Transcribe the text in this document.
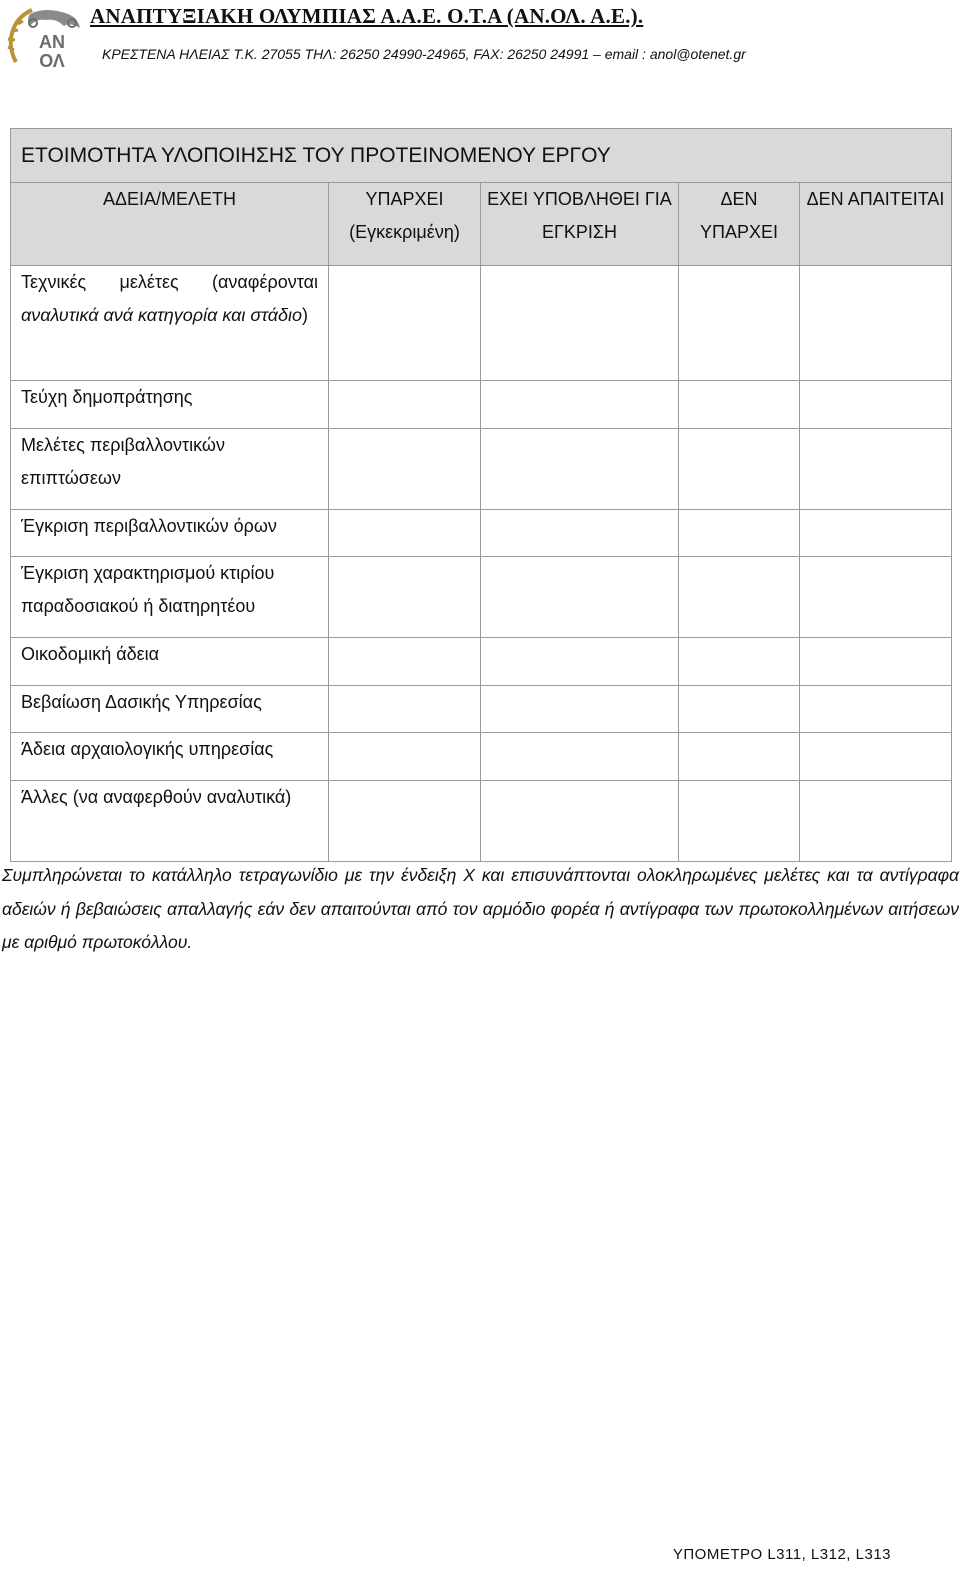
ΑΝ
ΟΛ
ΑΝΑΠΤΥΞΙΑΚΗ ΟΛΥΜΠΙΑΣ Α.Α.Ε. Ο.Τ.Α (ΑΝ.ΟΛ. Α.Ε.).
ΚΡΕΣΤΕΝΑ ΗΛΕΙΑΣ Τ.Κ. 27055 ΤΗΛ: 26250 24990-24965, FAX: 26250 24991 – email : anol@otenet.gr
ΕΤΟΙΜΟΤΗΤΑ ΥΛΟΠΟΙΗΣΗΣ ΤΟΥ ΠΡΟΤΕΙΝΟΜΕΝΟΥ ΕΡΓΟΥ				
ΑΔΕΙΑ/ΜΕΛΕΤΗ	ΥΠΑΡΧΕΙ (Εγκεκριμένη)	ΕΧΕΙ ΥΠΟΒΛΗΘΕΙ ΓΙΑ ΕΓΚΡΙΣΗ	ΔΕΝ ΥΠΑΡΧΕΙ	ΔΕΝ ΑΠΑΙΤΕΙΤΑΙ
Τεχνικές μελέτες (αναφέρονται αναλυτικά ανά κατηγορία και στάδιο)				
Τεύχη δημοπράτησης				
Μελέτες περιβαλλοντικών επιπτώσεων				
Έγκριση περιβαλλοντικών όρων				
Έγκριση χαρακτηρισμού κτιρίου παραδοσιακού ή διατηρητέου				
Οικοδομική άδεια				
Βεβαίωση Δασικής Υπηρεσίας				
Άδεια αρχαιολογικής υπηρεσίας				
Άλλες (να αναφερθούν αναλυτικά)				
Συμπληρώνεται το κατάλληλο τετραγωνίδιο με την ένδειξη Χ και επισυνάπτονται ολοκληρωμένες μελέτες και τα αντίγραφα αδειών ή βεβαιώσεις απαλλαγής εάν δεν απαιτούνται από τον αρμόδιο φορέα ή αντίγραφα των πρωτοκολλημένων αιτήσεων με αριθμό πρωτοκόλλου.
ΥΠΟΜΕΤΡΟ L311, L312, L313
